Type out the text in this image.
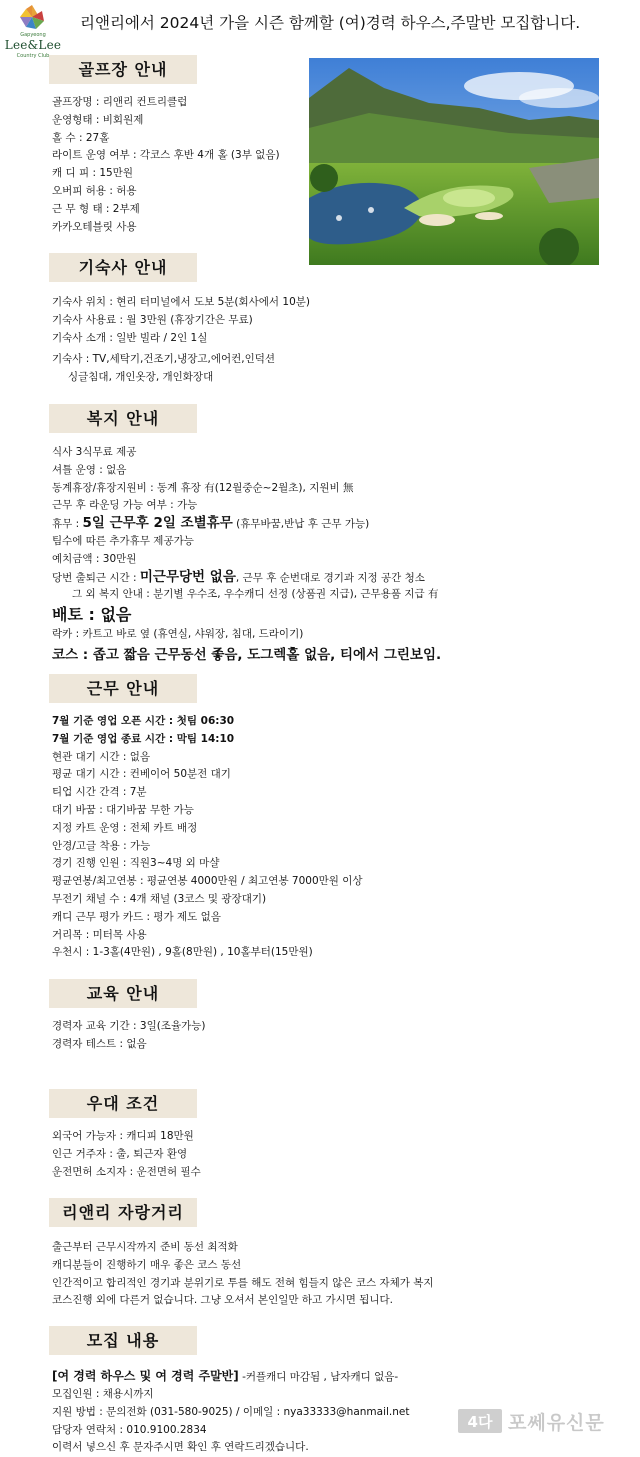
Gapyeong
Lee&Lee
Country Club
리앤리에서 2024년 가을 시즌 함께할 (여)경력 하우스,주말반 모집합니다.
골프장 안내
골프장명 : 리앤리 컨트리클럽
운영형태 : 비회원제
홀 수 : 27홀
라이트 운영 여부 : 각코스 후반 4개 홀 (3부 없음)
캐 디 피 : 15만원
오버피 허용 : 허용
근 무 형 태 : 2부제
카카오테블릿 사용
기숙사 안내
기숙사 위치 : 현리 터미널에서 도보 5분(회사에서 10분)
기숙사 사용료 : 월 3만원 (휴장기간은 무료)
기숙사 소개 : 일반 빌라 / 2인 1실
기숙사 : TV,세탁기,건조기,냉장고,에어컨,인덕션
싱글침대, 개인옷장, 개인화장대
복지 안내
식사 3식무료 제공
셔틀 운영 : 없음
동계휴장/휴장지원비 : 동계 휴장 有(12월중순~2월초), 지원비 無
근무 후 라운딩 가능 여부 : 가능
휴무 : 5일 근무후 2일 조별휴무 (휴무바꿈,반납 후 근무 가능)
팀수에 따른 추가휴무 제공가능
예치금액 : 30만원
당번 출퇴근 시간 : 미근무당번 없음, 근무 후 순번대로 경기과 지정 공간 청소
그 외 복지 안내 : 분기별 우수조, 우수캐디 선정 (상품권 지급), 근무용품 지급 有
배토 : 없음
락카 : 카트고 바로 옆 (휴연실, 샤워장, 침대, 드라이기)
코스 : 좁고 짧음 근무동선 좋음, 도그렉홀 없음, 티에서 그린보임.
근무 안내
7월 기준 영업 오픈 시간 : 첫팀 06:30
7월 기준 영업 종료 시간 : 막팀 14:10
현관 대기 시간 : 없음
평균 대기 시간 : 컨베이어 50분전 대기
티업 시간 간격 : 7분
대기 바꿈 : 대기바꿈 무한 가능
지정 카트 운영 : 전체 카트 배정
안경/고글 착용 : 가능
경기 진행 인원 : 직원3~4명 외 마샬
평균연봉/최고연봉 : 평균연봉 4000만원 / 최고연봉 7000만원 이상
무전기 채널 수 : 4개 채널 (3코스 및 광장대기)
캐디 근무 평가 카드 : 평가 제도 없음
거리목 : 미터목 사용
우천시 : 1-3홀(4만원) , 9홀(8만원) , 10홀부터(15만원)
교육 안내
경력자 교육 기간 : 3일(조율가능)
경력자 테스트 : 없음
우대 조건
외국어 가능자 : 캐디피 18만원
인근 거주자 : 출, 퇴근자 환영
운전면허 소지자 : 운전면허 필수
리앤리 자랑거리
출근부터 근무시작까지 준비 동선 최적화
캐디분들이 진행하기 매우 좋은 코스 동선
인간적이고 합리적인 경기과 분위기로 투를 해도 전혀 힘들지 않은 코스 자체가 복지
코스진행 외에 다른거 없습니다. 그냥 오셔서 본인일만 하고 가시면 됩니다.
모집 내용
[여 경력 하우스 및 여 경력 주말반] -커플캐디 마감됨 , 남자캐디 없음-
모집인원 : 채용시까지
지원 방법 : 문의전화 (031-580-9025) / 이메일 : nya33333@hanmail.net
담당자 연락처 : 010.9100.2834
이력서 넣으신 후 문자주시면 확인 후 연락드리겠습니다.
4다 포쎄유신문
